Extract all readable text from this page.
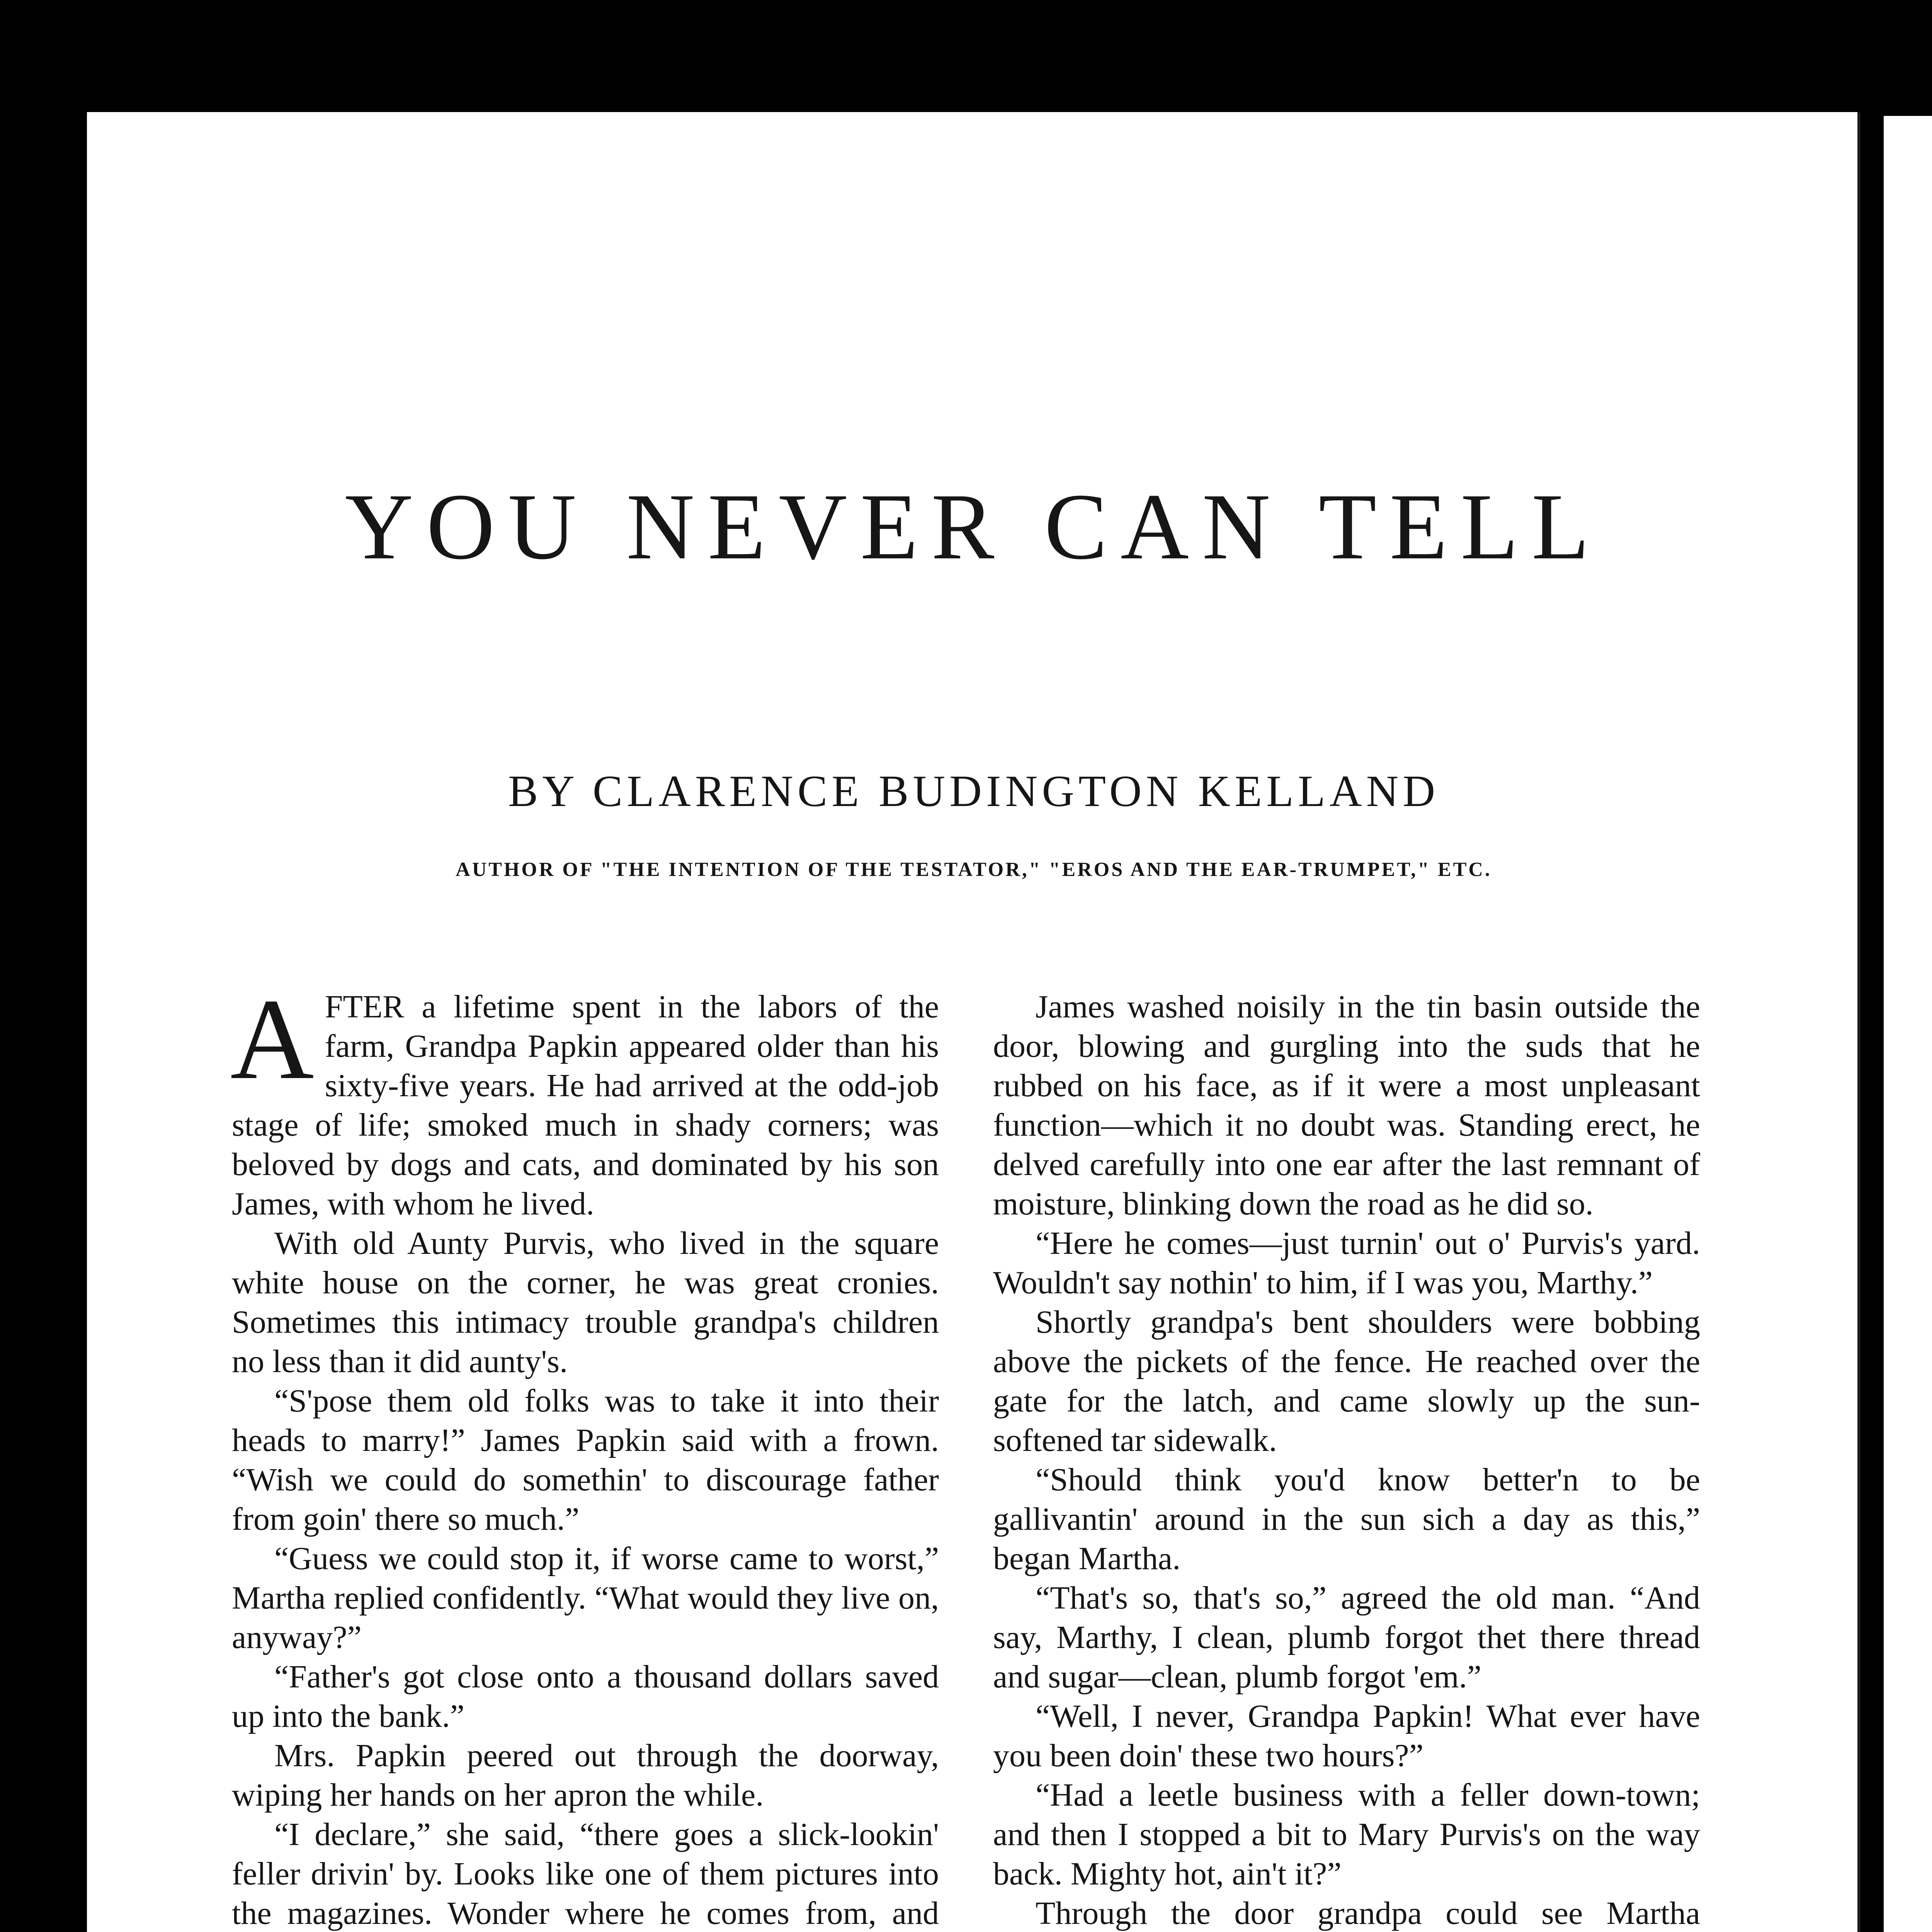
YOU NEVER CAN TELL
BY CLARENCE BUDINGTON KELLAND
AUTHOR OF "THE INTENTION OF THE TESTATOR," "EROS AND THE EAR-TRUMPET," ETC.

AFTER a lifetime spent in the labors of the farm, Grandpa Papkin appeared older than his sixty-five years. He had arrived at the odd-job stage of life; smoked much in shady corners; was beloved by dogs and cats, and dominated by his son James, with whom he lived.

With old Aunty Purvis, who lived in the square white house on the corner, he was great cronies. Sometimes this intimacy trouble grandpa's children no less than it did aunty's.

“S'pose them old folks was to take it into their heads to marry!” James Papkin said with a frown. “Wish we could do somethin' to discourage father from goin' there so much.”

“Guess we could stop it, if worse came to worst,” Martha replied confidently. “What would they live on, anyway?”

“Father's got close onto a thousand dollars saved up into the bank.”

Mrs. Papkin peered out through the doorway, wiping her hands on her apron the while.

“I declare,” she said, “there goes a slick-lookin' feller drivin' by. Looks like one of them pictures into the magazines. Wonder where he comes from, and

James washed noisily in the tin basin outside the door, blowing and gurgling into the suds that he rubbed on his face, as if it were a most unpleasant function—which it no doubt was. Standing erect, he delved carefully into one ear after the last remnant of moisture, blinking down the road as he did so.

“Here he comes—just turnin' out o' Purvis's yard. Wouldn't say nothin' to him, if I was you, Marthy.”

Shortly grandpa's bent shoulders were bobbing above the pickets of the fence. He reached over the gate for the latch, and came slowly up the sun-softened tar sidewalk.

“Should think you'd know better'n to be gallivantin' around in the sun sich a day as this,” began Martha.

“That's so, that's so,” agreed the old man. “And say, Marthy, I clean, plumb forgot thet there thread and sugar—clean, plumb forgot 'em.”

“Well, I never, Grandpa Papkin! What ever have you been doin' these two hours?”

“Had a leetle business with a feller down-town; and then I stopped a bit to Mary Purvis's on the way back. Mighty hot, ain't it?”

Through the door grandpa could see Martha
